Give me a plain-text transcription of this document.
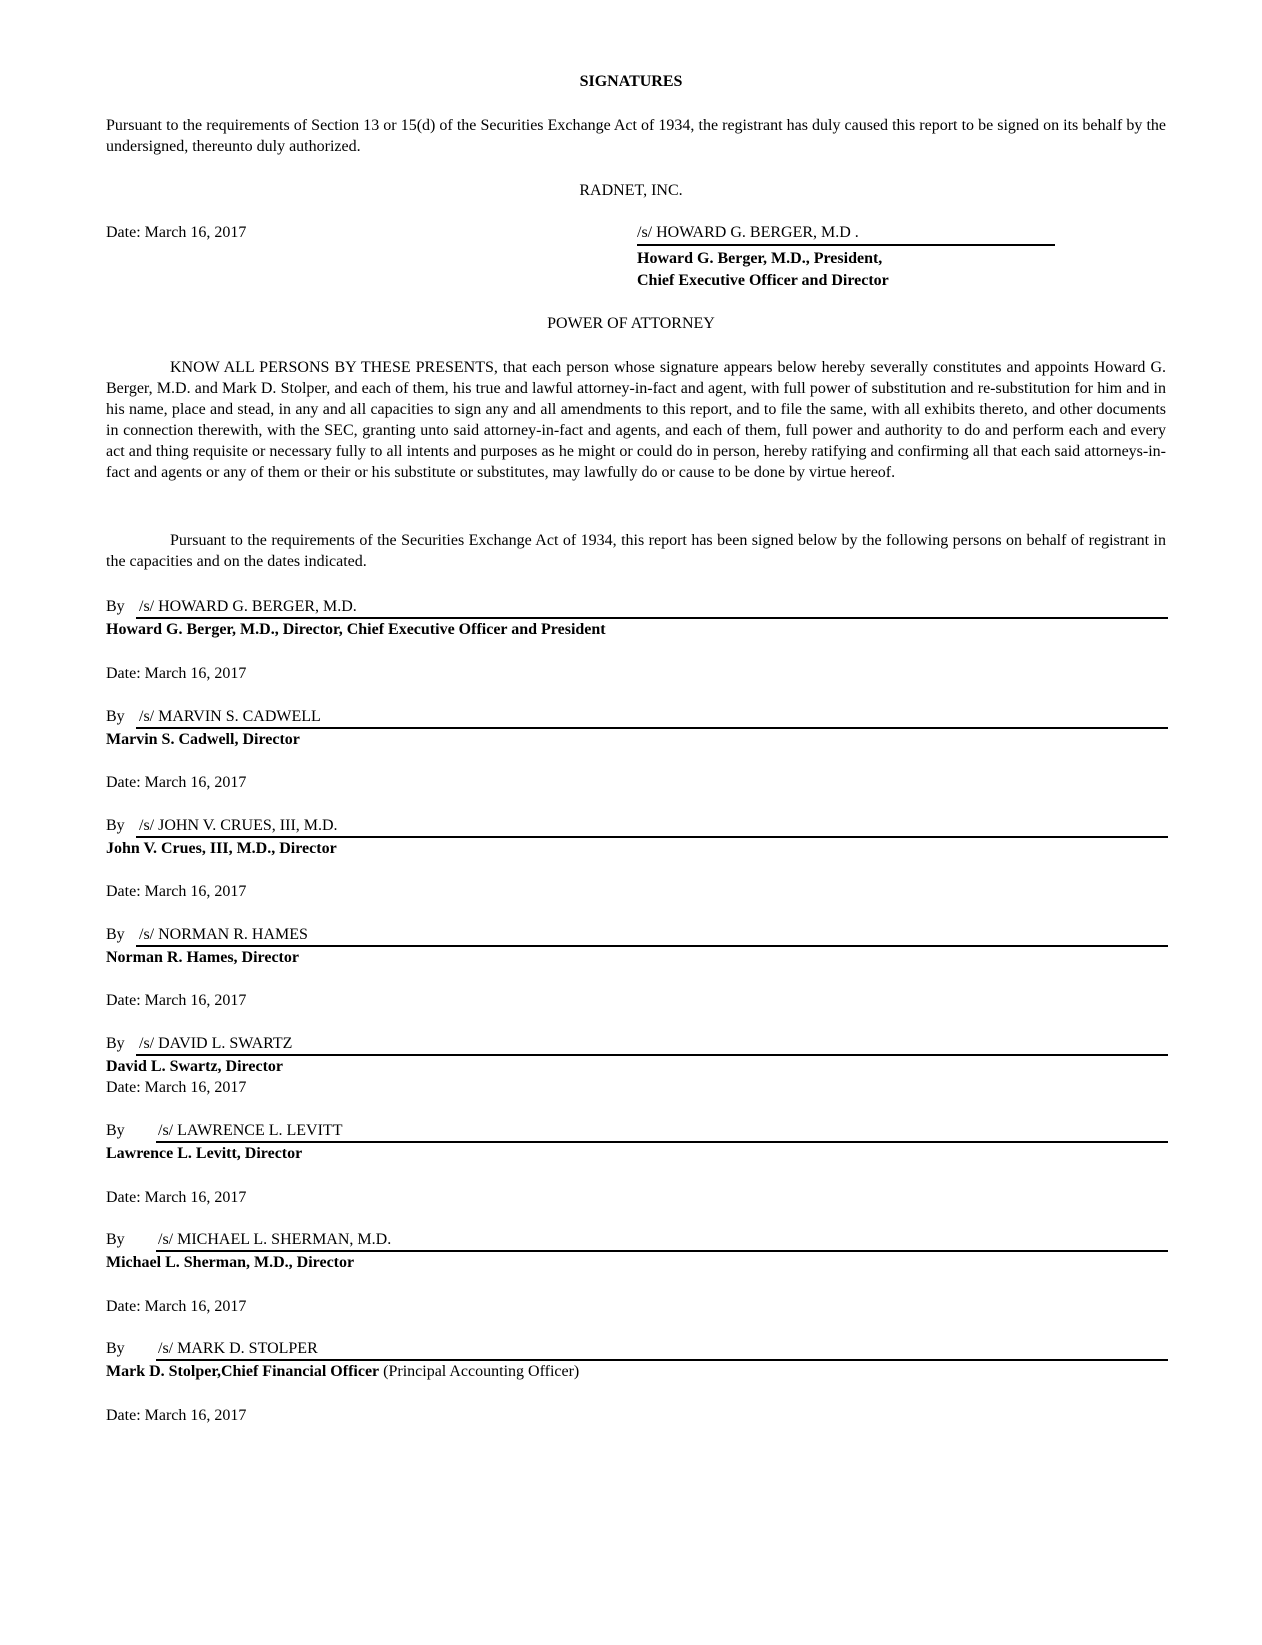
SIGNATURES
Pursuant to the requirements of Section 13 or 15(d) of the Securities Exchange Act of 1934, the registrant has duly caused this report to be signed on its behalf by the undersigned, thereunto duly authorized.
RADNET, INC.
Date: March 16, 2017	/s/ HOWARD G. BERGER, M.D .
Howard G. Berger, M.D., President,
Chief Executive Officer and Director
POWER OF ATTORNEY
KNOW ALL PERSONS BY THESE PRESENTS, that each person whose signature appears below hereby severally constitutes and appoints Howard G. Berger, M.D. and Mark D. Stolper, and each of them, his true and lawful attorney-in-fact and agent, with full power of substitution and re-substitution for him and in his name, place and stead, in any and all capacities to sign any and all amendments to this report, and to file the same, with all exhibits thereto, and other documents in connection therewith, with the SEC, granting unto said attorney-in-fact and agents, and each of them, full power and authority to do and perform each and every act and thing requisite or necessary fully to all intents and purposes as he might or could do in person, hereby ratifying and confirming all that each said attorneys-in-fact and agents or any of them or their or his substitute or substitutes, may lawfully do or cause to be done by virtue hereof.
Pursuant to the requirements of the Securities Exchange Act of 1934, this report has been signed below by the following persons on behalf of registrant in the capacities and on the dates indicated.
By /s/ HOWARD G. BERGER, M.D.
Howard G. Berger, M.D., Director, Chief Executive Officer and President
Date: March 16, 2017
By /s/ MARVIN S. CADWELL
Marvin S. Cadwell, Director
Date: March 16, 2017
By /s/ JOHN V. CRUES, III, M.D.
John V. Crues, III, M.D., Director
Date: March 16, 2017
By /s/ NORMAN R. HAMES
Norman R. Hames, Director
Date: March 16, 2017
By /s/ DAVID L. SWARTZ
David L. Swartz, Director
Date: March 16, 2017
By /s/ LAWRENCE L. LEVITT
Lawrence L. Levitt, Director
Date: March 16, 2017
By /s/ MICHAEL L. SHERMAN, M.D.
Michael L. Sherman, M.D., Director
Date: March 16, 2017
By /s/ MARK D. STOLPER
Mark D. Stolper,Chief Financial Officer (Principal Accounting Officer)
Date: March 16, 2017
